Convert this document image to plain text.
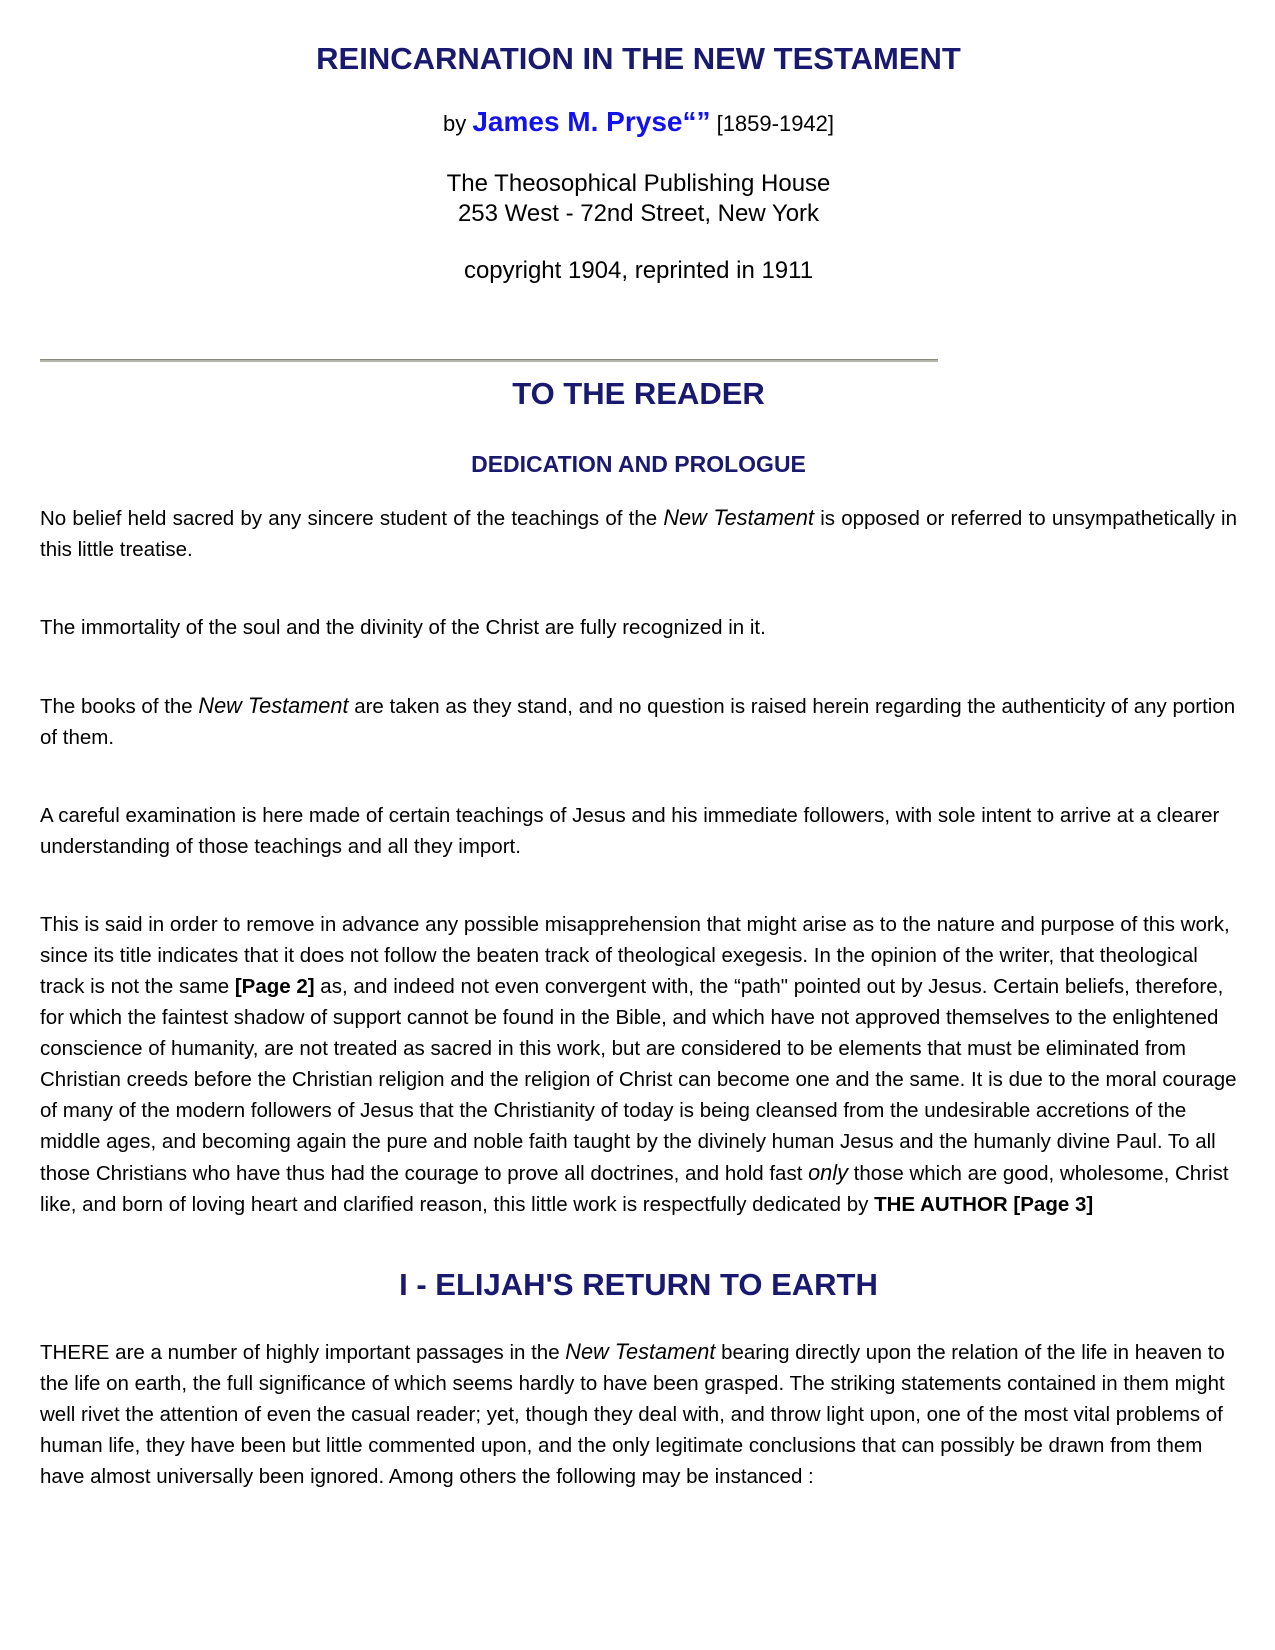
REINCARNATION IN THE NEW TESTAMENT
by James M. Pryse“” [1859-1942]
The Theosophical Publishing House
253 West - 72nd Street, New York
copyright 1904, reprinted in 1911
TO THE READER
DEDICATION AND PROLOGUE

No belief held sacred by any sincere student of the teachings of the New Testament is opposed or referred to unsympathetically in this little treatise.

The immortality of the soul and the divinity of the Christ are fully recognized in it.

The books of the New Testament are taken as they stand, and no question is raised herein regarding the authenticity of any portion of them.

A careful examination is here made of certain teachings of Jesus and his immediate followers, with sole intent to arrive at a clearer understanding of those teachings and all they import.

This is said in order to remove in advance any possible misapprehension that might arise as to the nature and purpose of this work, since its title indicates that it does not follow the beaten track of theological exegesis. In the opinion of the writer, that theological track is not the same [Page 2] as, and indeed not even convergent with, the “path" pointed out by Jesus. Certain beliefs, therefore, for which the faintest shadow of support cannot be found in the Bible, and which have not approved themselves to the enlightened conscience of humanity, are not treated as sacred in this work, but are considered to be elements that must be eliminated from Christian creeds before the Christian religion and the religion of Christ can become one and the same. It is due to the moral courage of many of the modern followers of Jesus that the Christianity of today is being cleansed from the undesirable accretions of the middle ages, and becoming again the pure and noble faith taught by the divinely human Jesus and the humanly divine Paul. To all those Christians who have thus had the courage to prove all doctrines, and hold fast only those which are good, wholesome, Christ like, and born of loving heart and clarified reason, this little work is respectfully dedicated by THE AUTHOR [Page 3]

I - ELIJAH'S RETURN TO EARTH

THERE are a number of highly important passages in the New Testament bearing directly upon the relation of the life in heaven to the life on earth, the full significance of which seems hardly to have been grasped. The striking statements contained in them might well rivet the attention of even the casual reader; yet, though they deal with, and throw light upon, one of the most vital problems of human life, they have been but little commented upon, and the only legitimate conclusions that can possibly be drawn from them have almost universally been ignored. Among others the following may be instanced :
